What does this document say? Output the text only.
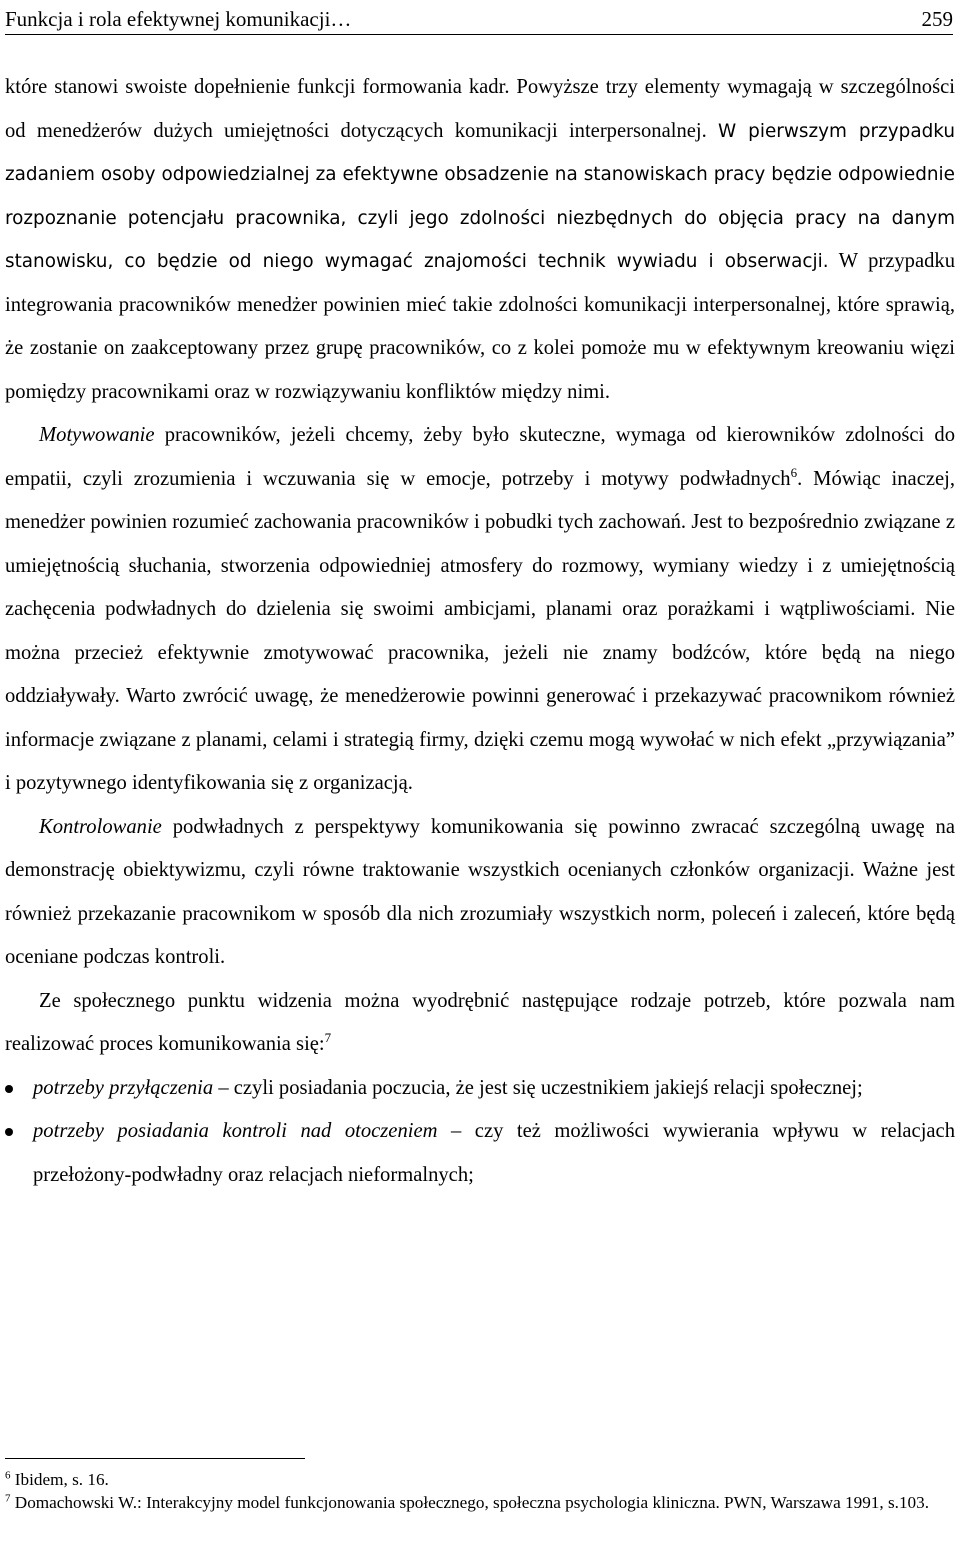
Funkcja i rola efektywnej komunikacji…	259

które stanowi swoiste dopełnienie funkcji formowania kadr. Powyższe trzy elementy wymagają w szczególności od menedżerów dużych umiejętności dotyczących komunikacji interpersonalnej. W pierwszym przypadku zadaniem osoby odpowiedzialnej za efektywne obsadzenie na stanowiskach pracy będzie odpowiednie rozpoznanie potencjału pracownika, czyli jego zdolności niezbędnych do objęcia pracy na danym stanowisku, co będzie od niego wymagać znajomości technik wywiadu i obserwacji. W przypadku integrowania pracowników menedżer powinien mieć takie zdolności komunikacji interpersonalnej, które sprawią, że zostanie on zaakceptowany przez grupę pracowników, co z kolei pomoże mu w efektywnym kreowaniu więzi pomiędzy pracownikami oraz w rozwiązywaniu konfliktów między nimi.

Motywowanie pracowników, jeżeli chcemy, żeby było skuteczne, wymaga od kierowników zdolności do empatii, czyli zrozumienia i wczuwania się w emocje, potrzeby i motywy podwładnych$^6$. Mówiąc inaczej, menedżer powinien rozumieć zachowania pracowników i pobudki tych zachowań. Jest to bezpośrednio związane z umiejętnością słuchania, stworzenia odpowiedniej atmosfery do rozmowy, wymiany wiedzy i z umiejętnością zachęcenia podwładnych do dzielenia się swoimi ambicjami, planami oraz porażkami i wątpliwościami. Nie można przecież efektywnie zmotywować pracownika, jeżeli nie znamy bodźców, które będą na niego oddziaływały. Warto zwrócić uwagę, że menedżerowie powinni generować i przekazywać pracownikom również informacje związane z planami, celami i strategią firmy, dzięki czemu mogą wywołać w nich efekt „przywiązania” i pozytywnego identyfikowania się z organizacją.

Kontrolowanie podwładnych z perspektywy komunikowania się powinno zwracać szczególną uwagę na demonstrację obiektywizmu, czyli równe traktowanie wszystkich ocenianych członków organizacji. Ważne jest również przekazanie pracownikom w sposób dla nich zrozumiały wszystkich norm, poleceń i zaleceń, które będą oceniane podczas kontroli.

Ze społecznego punktu widzenia można wyodrębnić następujące rodzaje potrzeb, które pozwala nam realizować proces komunikowania się:$^7$

potrzeby przyłączenia – czyli posiadania poczucia, że jest się uczestnikiem jakiejś relacji społecznej;
potrzeby posiadania kontroli nad otoczeniem – czy też możliwości wywierania wpływu w relacjach przełożony-podwładny oraz relacjach nieformalnych;

$^6$ Ibidem, s. 16.

$^7$ Domachowski W.: Interakcyjny model funkcjonowania społecznego, społeczna psychologia kliniczna. PWN, Warszawa 1991, s.103.
